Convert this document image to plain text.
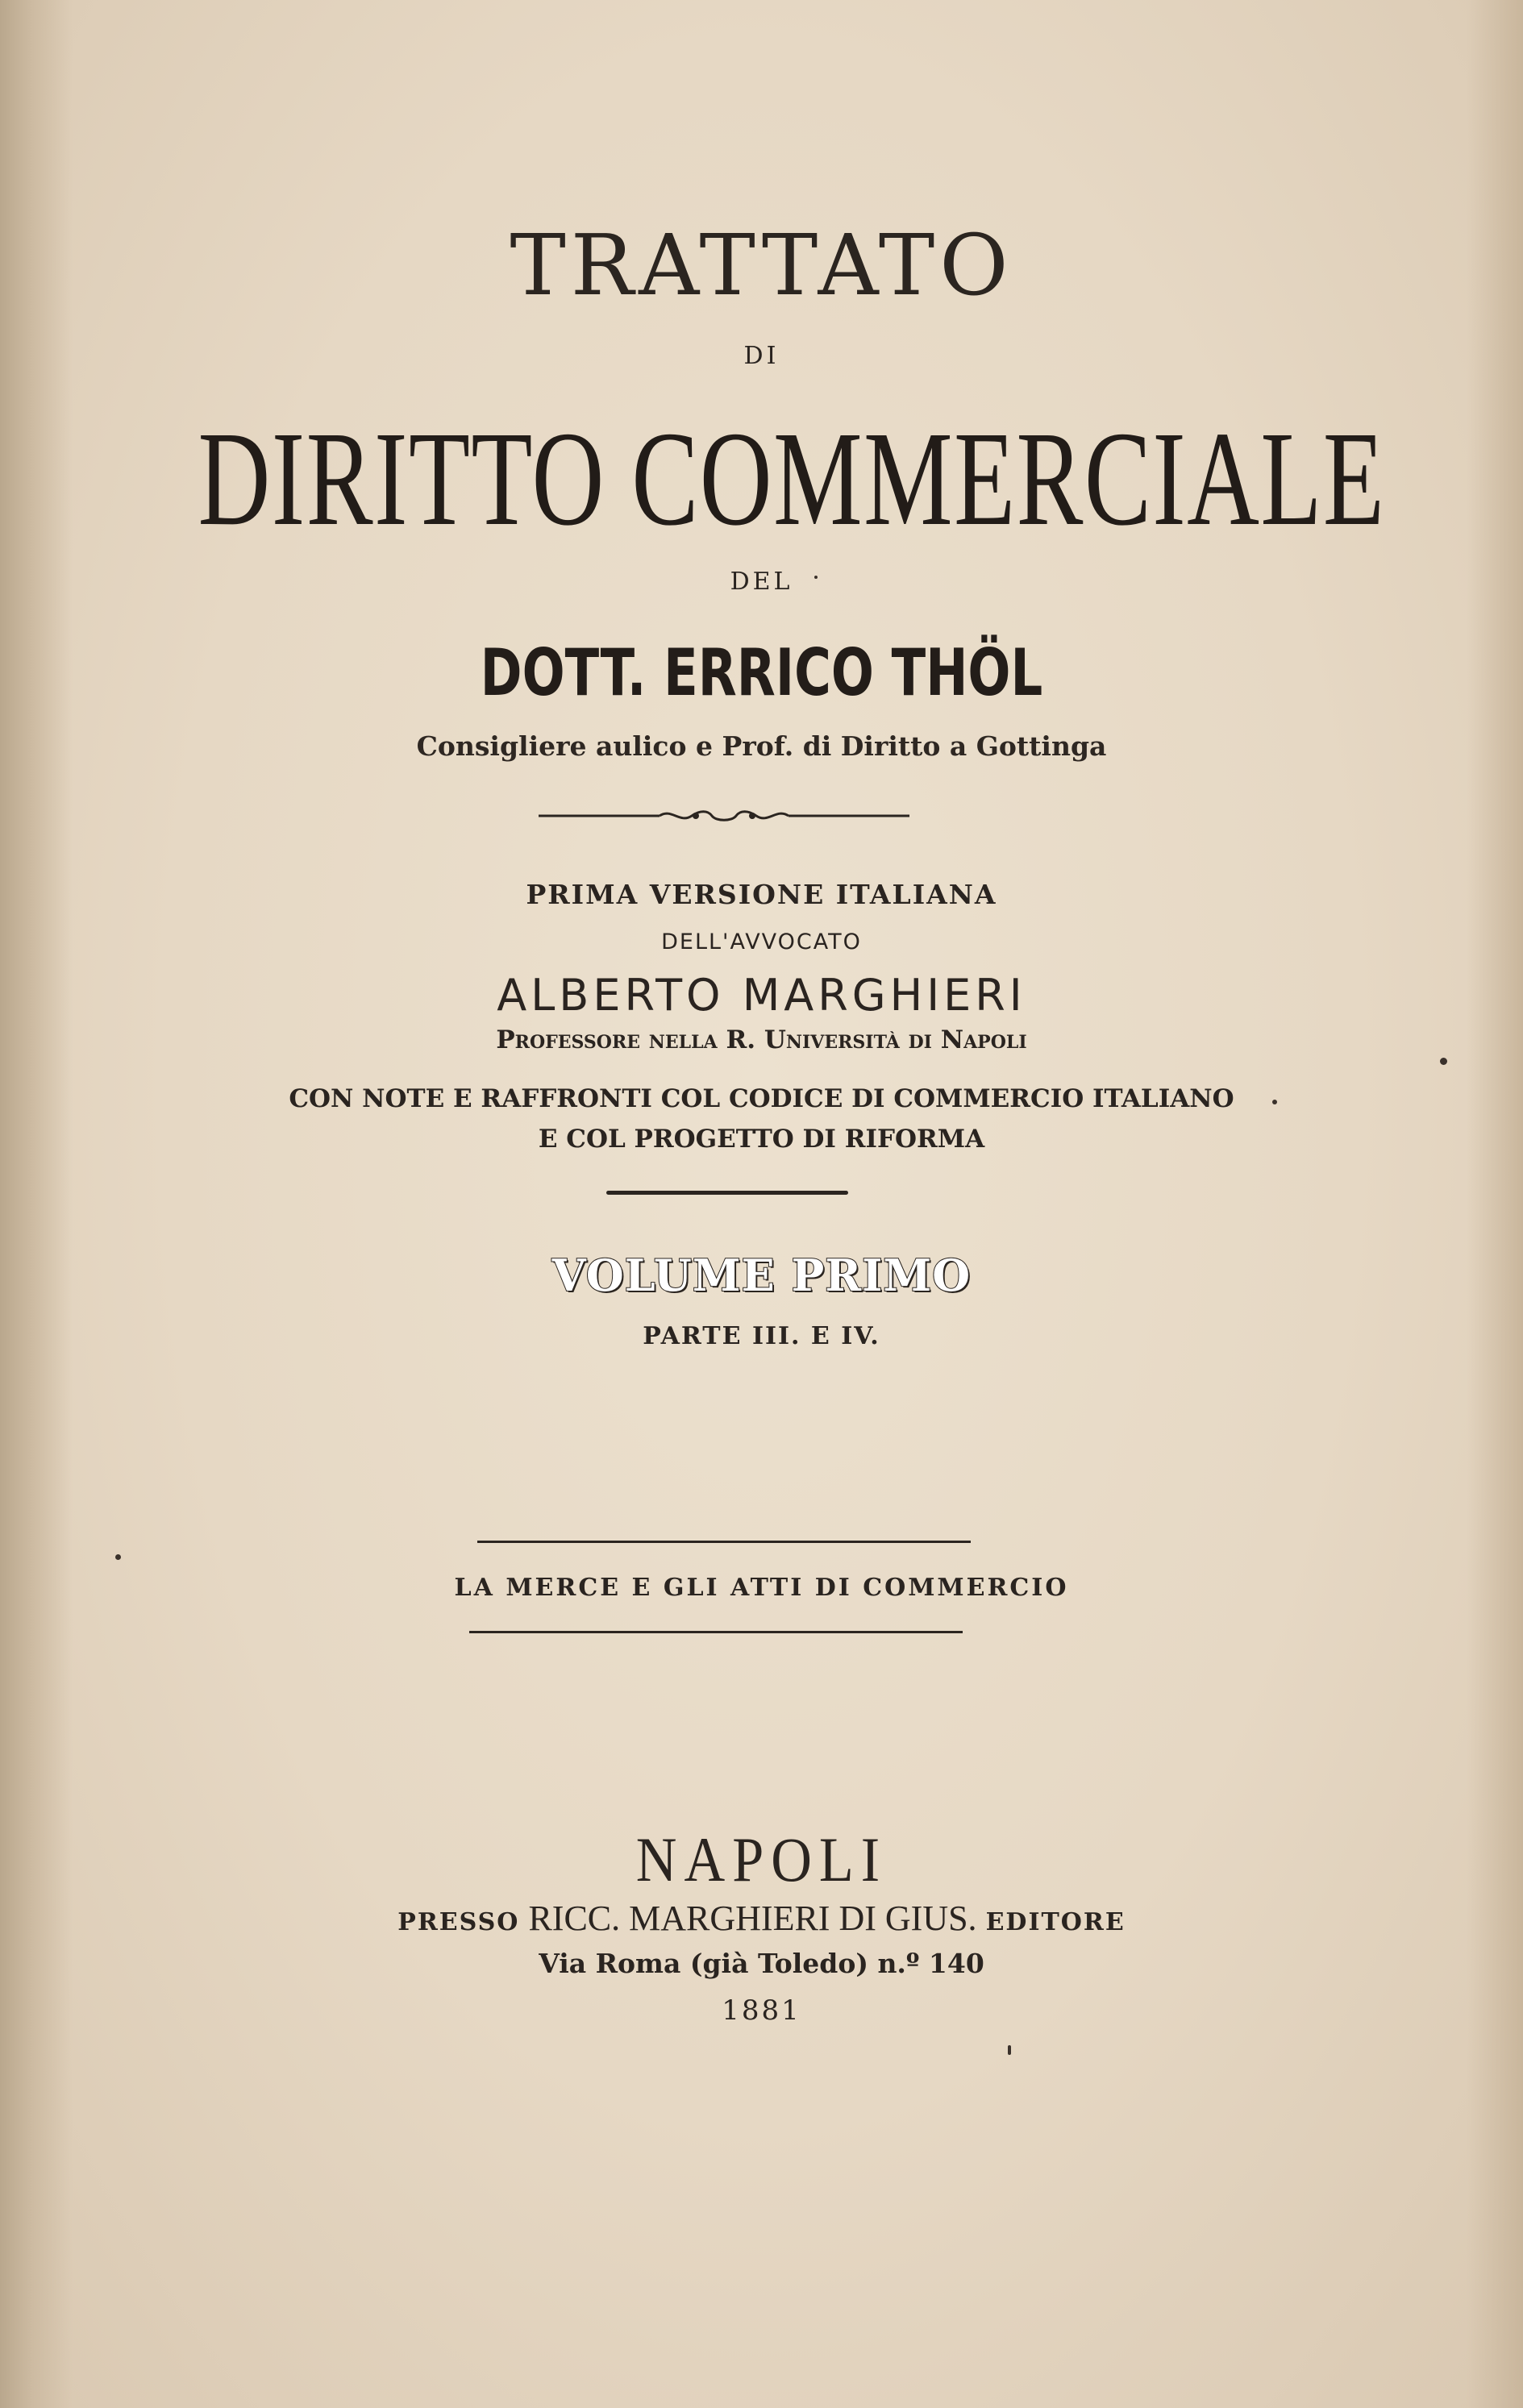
TRATTATO
DI
DIRITTO COMMERCIALE
DEL
DOTT. ERRICO THÖL
Consigliere aulico e Prof. di Diritto a Gottinga
PRIMA VERSIONE ITALIANA
DELL'AVVOCATO
ALBERTO MARGHIERI
Professore nella R. Università di Napoli
CON NOTE E RAFFRONTI COL CODICE DI COMMERCIO ITALIANO
E COL PROGETTO DI RIFORMA
VOLUME PRIMO
PARTE III. E IV.
LA MERCE E GLI ATTI DI COMMERCIO
NAPOLI
PRESSO RICC. MARGHIERI DI GIUS. EDITORE
Via Roma (già Toledo) n.º 140
1881
